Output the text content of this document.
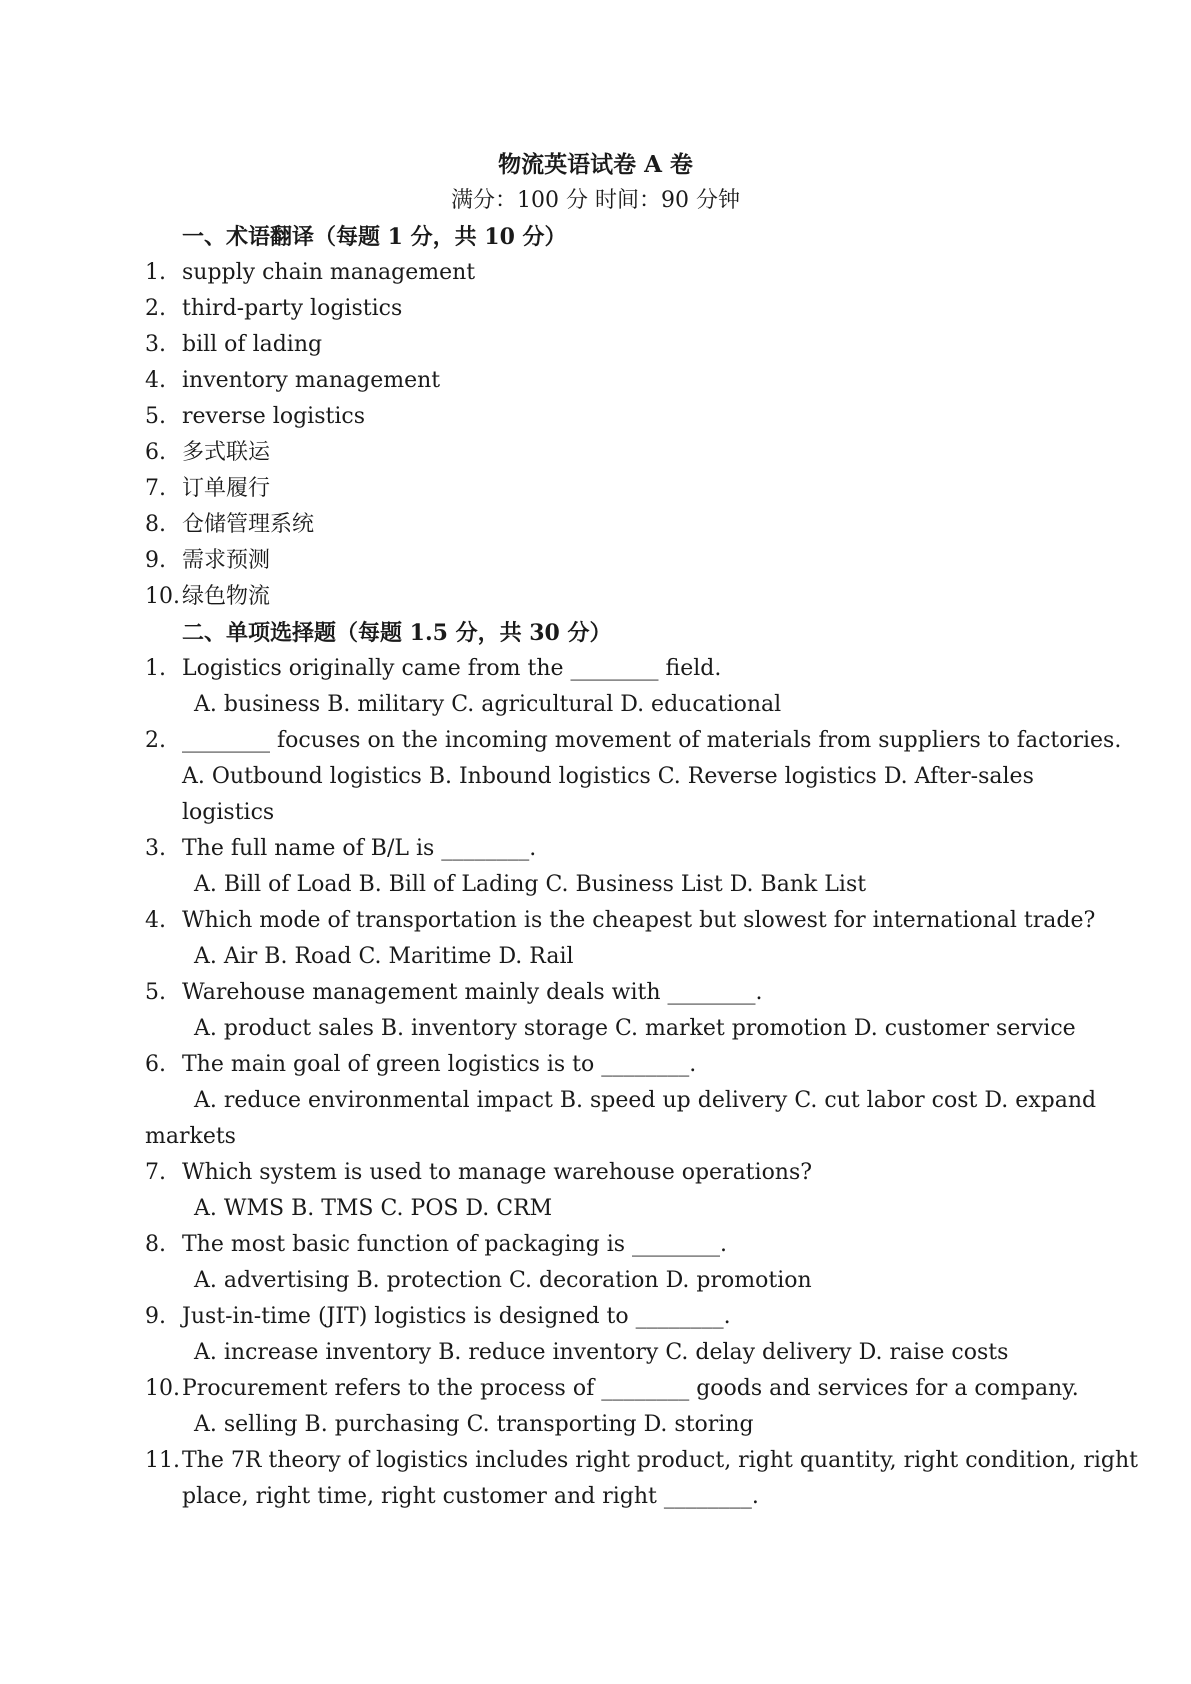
物流英语试卷 A 卷
满分：100 分 时间：90 分钟
一、术语翻译（每题 1 分，共 10 分）
1. supply chain management
2. third-party logistics
3. bill of lading
4. inventory management
5. reverse logistics
6. 多式联运
7. 订单履行
8. 仓储管理系统
9. 需求预测
10. 绿色物流
二、单项选择题（每题 1.5 分，共 30 分）
1. Logistics originally came from the ________ field.
A. business B. military C. agricultural D. educational
2. ________ focuses on the incoming movement of materials from suppliers to factories.
A. Outbound logistics B. Inbound logistics C. Reverse logistics D. After-sales
logistics
3. The full name of B/L is ________.
A. Bill of Load B. Bill of Lading C. Business List D. Bank List
4. Which mode of transportation is the cheapest but slowest for international trade?
A. Air B. Road C. Maritime D. Rail
5. Warehouse management mainly deals with ________.
A. product sales B. inventory storage C. market promotion D. customer service
6. The main goal of green logistics is to ________.
A. reduce environmental impact B. speed up delivery C. cut labor cost D. expand
markets
7. Which system is used to manage warehouse operations?
A. WMS B. TMS C. POS D. CRM
8. The most basic function of packaging is ________.
A. advertising B. protection C. decoration D. promotion
9. Just-in-time (JIT) logistics is designed to ________.
A. increase inventory B. reduce inventory C. delay delivery D. raise costs
10. Procurement refers to the process of ________ goods and services for a company.
A. selling B. purchasing C. transporting D. storing
11. The 7R theory of logistics includes right product, right quantity, right condition, right
place, right time, right customer and right ________.
